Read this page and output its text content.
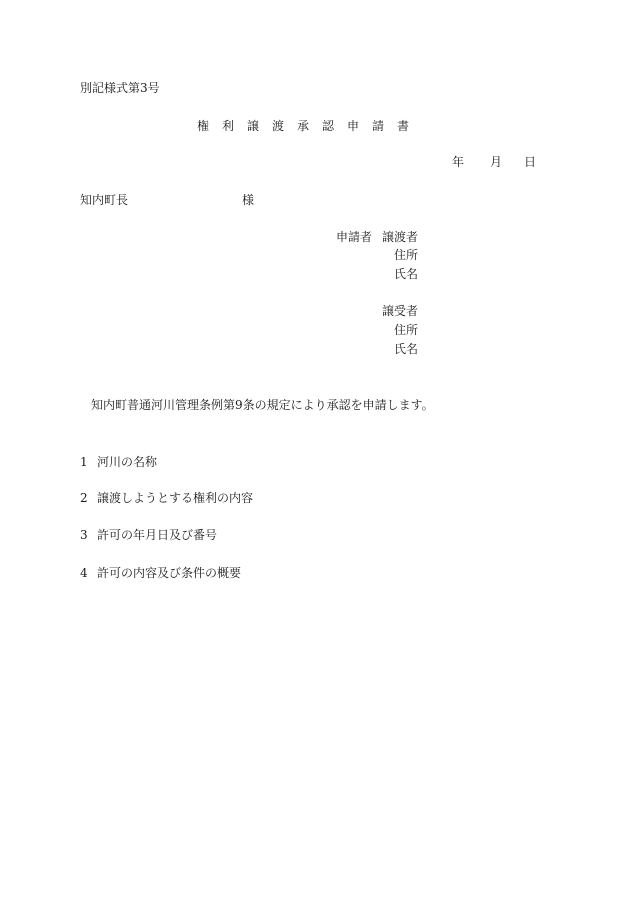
別記様式第3号
権利譲渡承認申請書
年 月 日
知内町長	様
申請者 譲渡者
住所
氏名
譲受者
住所
氏名
知内町普通河川管理条例第9条の規定により承認を申請します。
1 河川の名称
2 譲渡しようとする権利の内容
3 許可の年月日及び番号
4 許可の内容及び条件の概要
